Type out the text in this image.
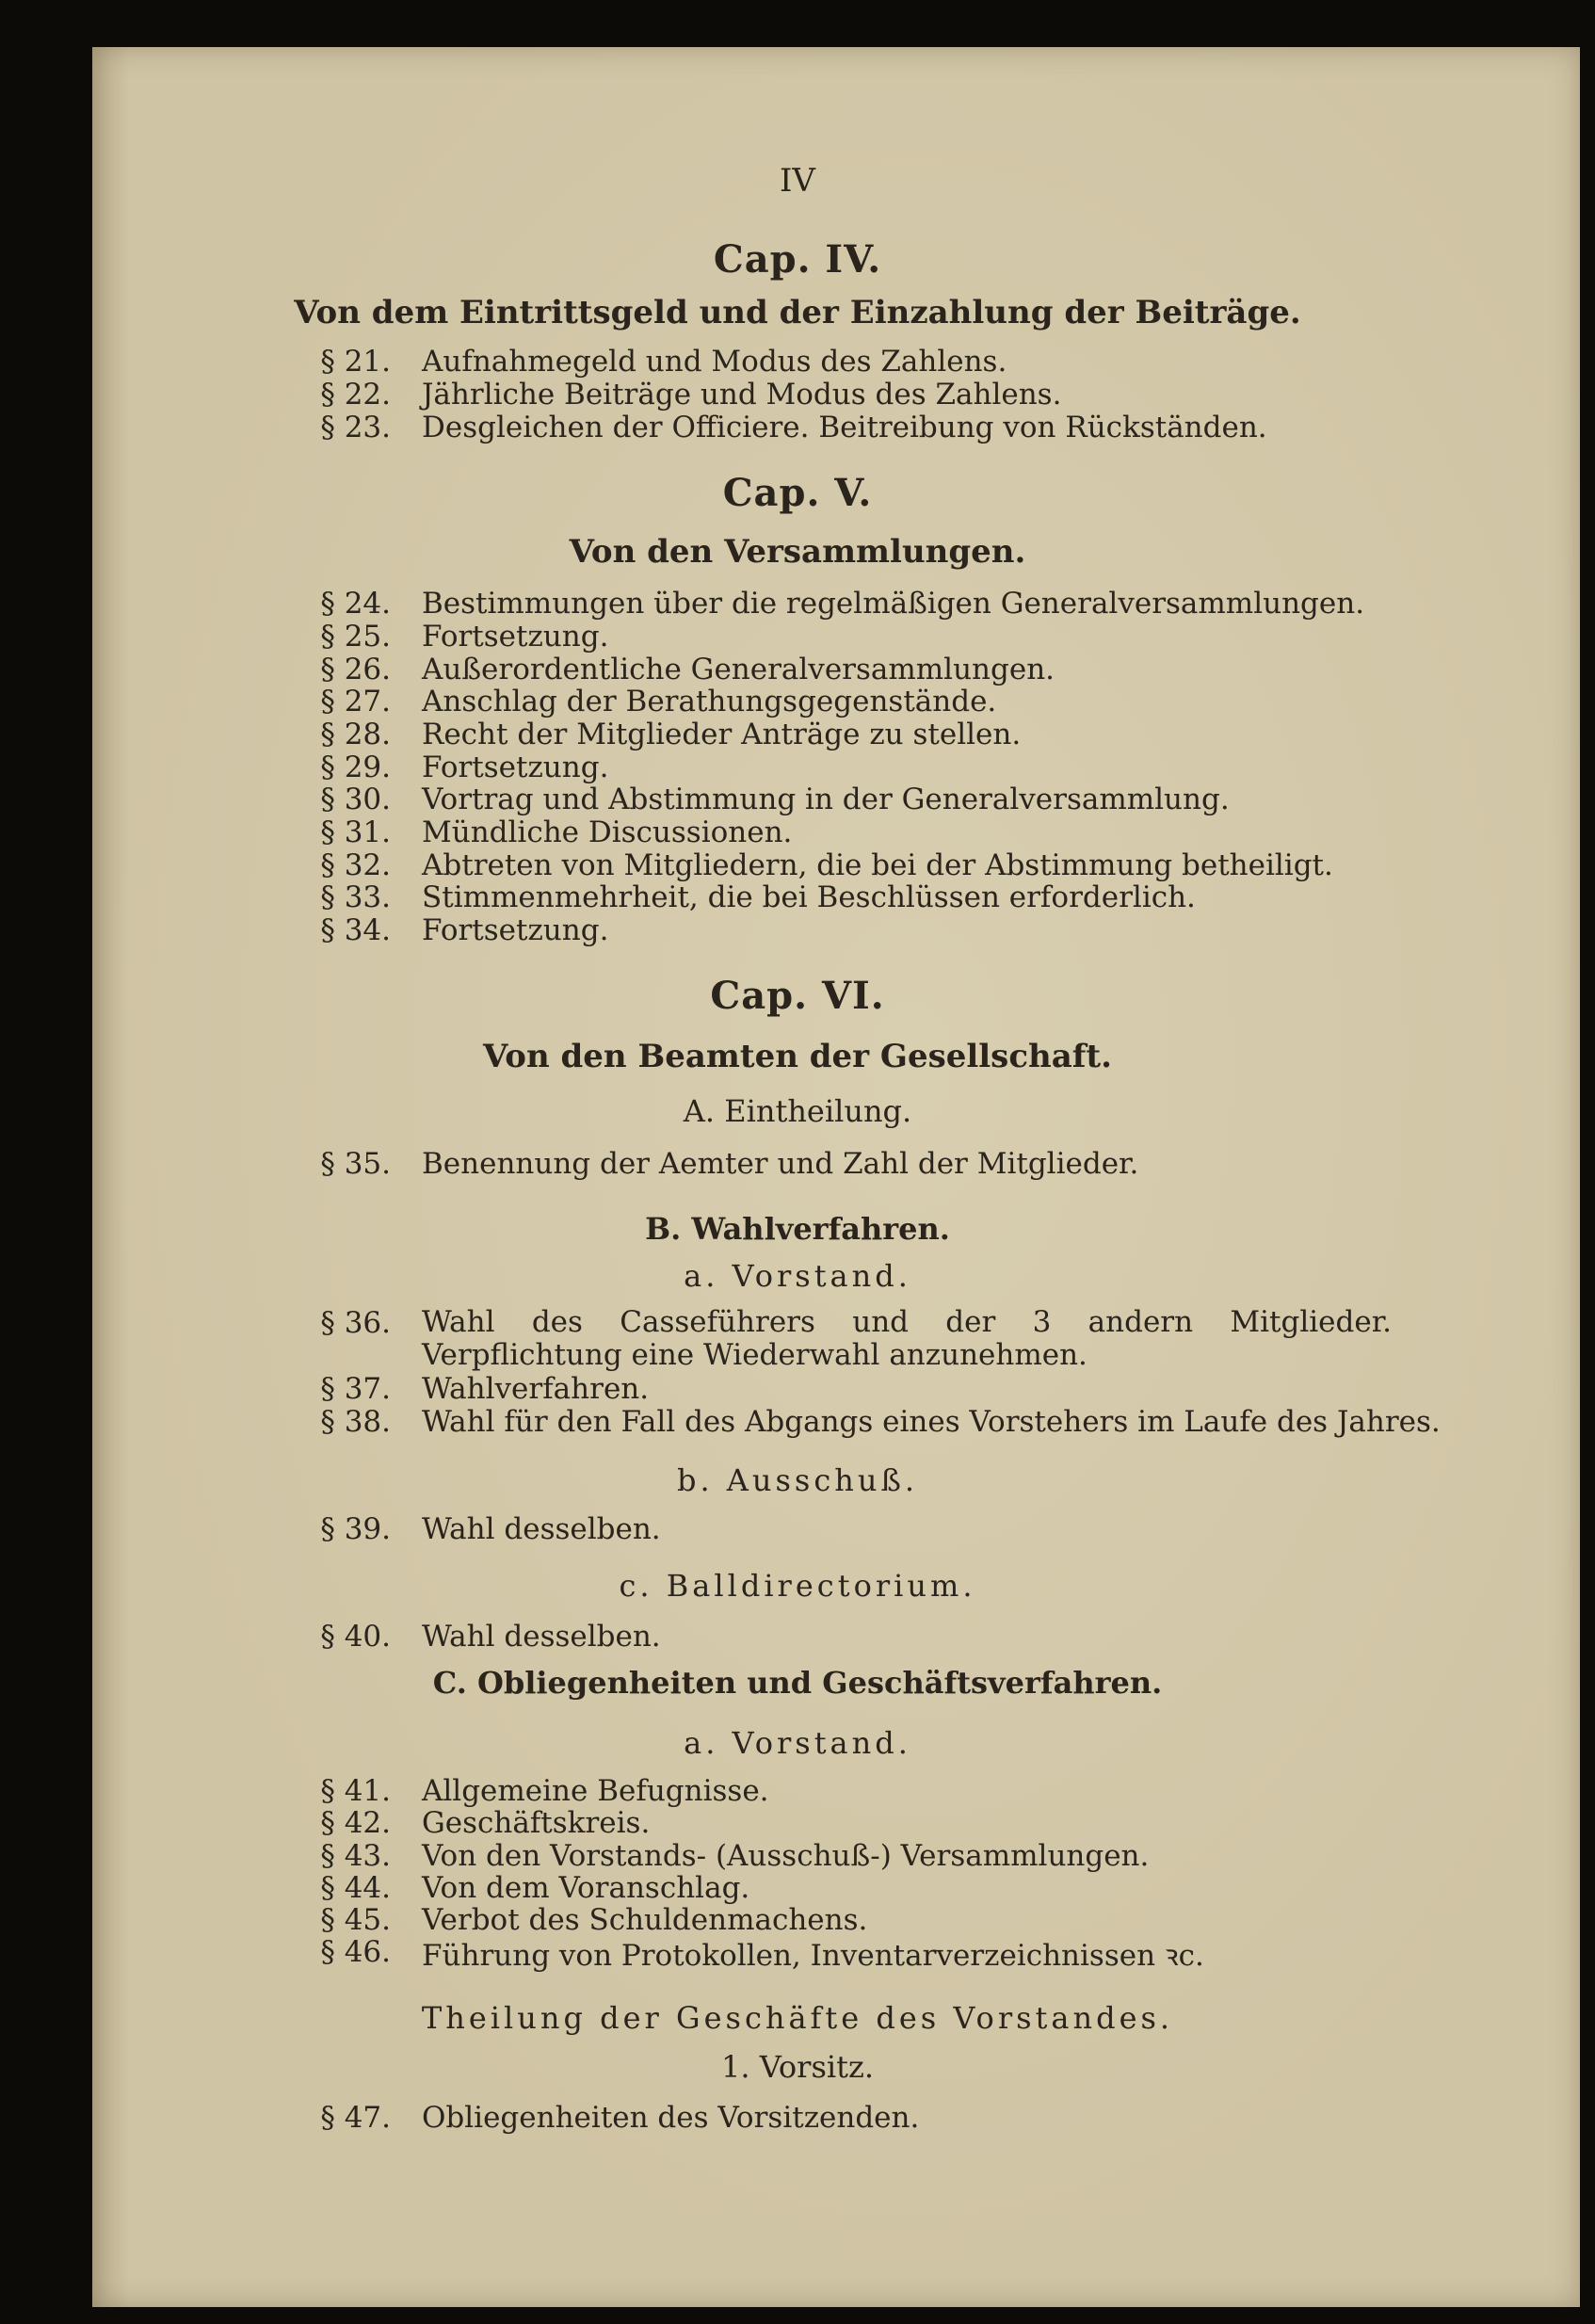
IV
Cap. IV.
Von dem Eintrittsgeld und der Einzahlung der Beiträge.
§ 21. Aufnahmegeld und Modus des Zahlens.
§ 22. Jährliche Beiträge und Modus des Zahlens.
§ 23. Desgleichen der Officiere. Beitreibung von Rückständen.
Cap. V.
Von den Versammlungen.
§ 24. Bestimmungen über die regelmäßigen Generalversammlungen.
§ 25. Fortsetzung.
§ 26. Außerordentliche Generalversammlungen.
§ 27. Anschlag der Berathungsgegenstände.
§ 28. Recht der Mitglieder Anträge zu stellen.
§ 29. Fortsetzung.
§ 30. Vortrag und Abstimmung in der Generalversammlung.
§ 31. Mündliche Discussionen.
§ 32. Abtreten von Mitgliedern, die bei der Abstimmung betheiligt.
§ 33. Stimmenmehrheit, die bei Beschlüssen erforderlich.
§ 34. Fortsetzung.
Cap. VI.
Von den Beamten der Gesellschaft.
A. Eintheilung.
§ 35. Benennung der Aemter und Zahl der Mitglieder.
B. Wahlverfahren.
a. Vorstand.
§ 36. Wahl des Cassеführers und der 3 andern Mitglieder. Verpflichtung eine Wiederwahl anzunehmen.
§ 37. Wahlverfahren.
§ 38. Wahl für den Fall des Abgangs eines Vorstehers im Laufe des Jahres.
b. Ausschuß.
§ 39. Wahl desselben.
c. Balldirectorium.
§ 40. Wahl desselben.
C. Obliegenheiten und Geschäftsverfahren.
a. Vorstand.
§ 41. Allgemeine Befugnisse.
§ 42. Geschäftskreis.
§ 43. Von den Vorstands- (Ausschuß-) Versammlungen.
§ 44. Von dem Voranschlag.
§ 45. Verbot des Schuldenmachens.
§ 46. Führung von Protokollen, Inventarverzeichnissen ꝛc.
Theilung der Geschäfte des Vorstandes.
1. Vorsitz.
§ 47. Obliegenheiten des Vorsitzenden.
